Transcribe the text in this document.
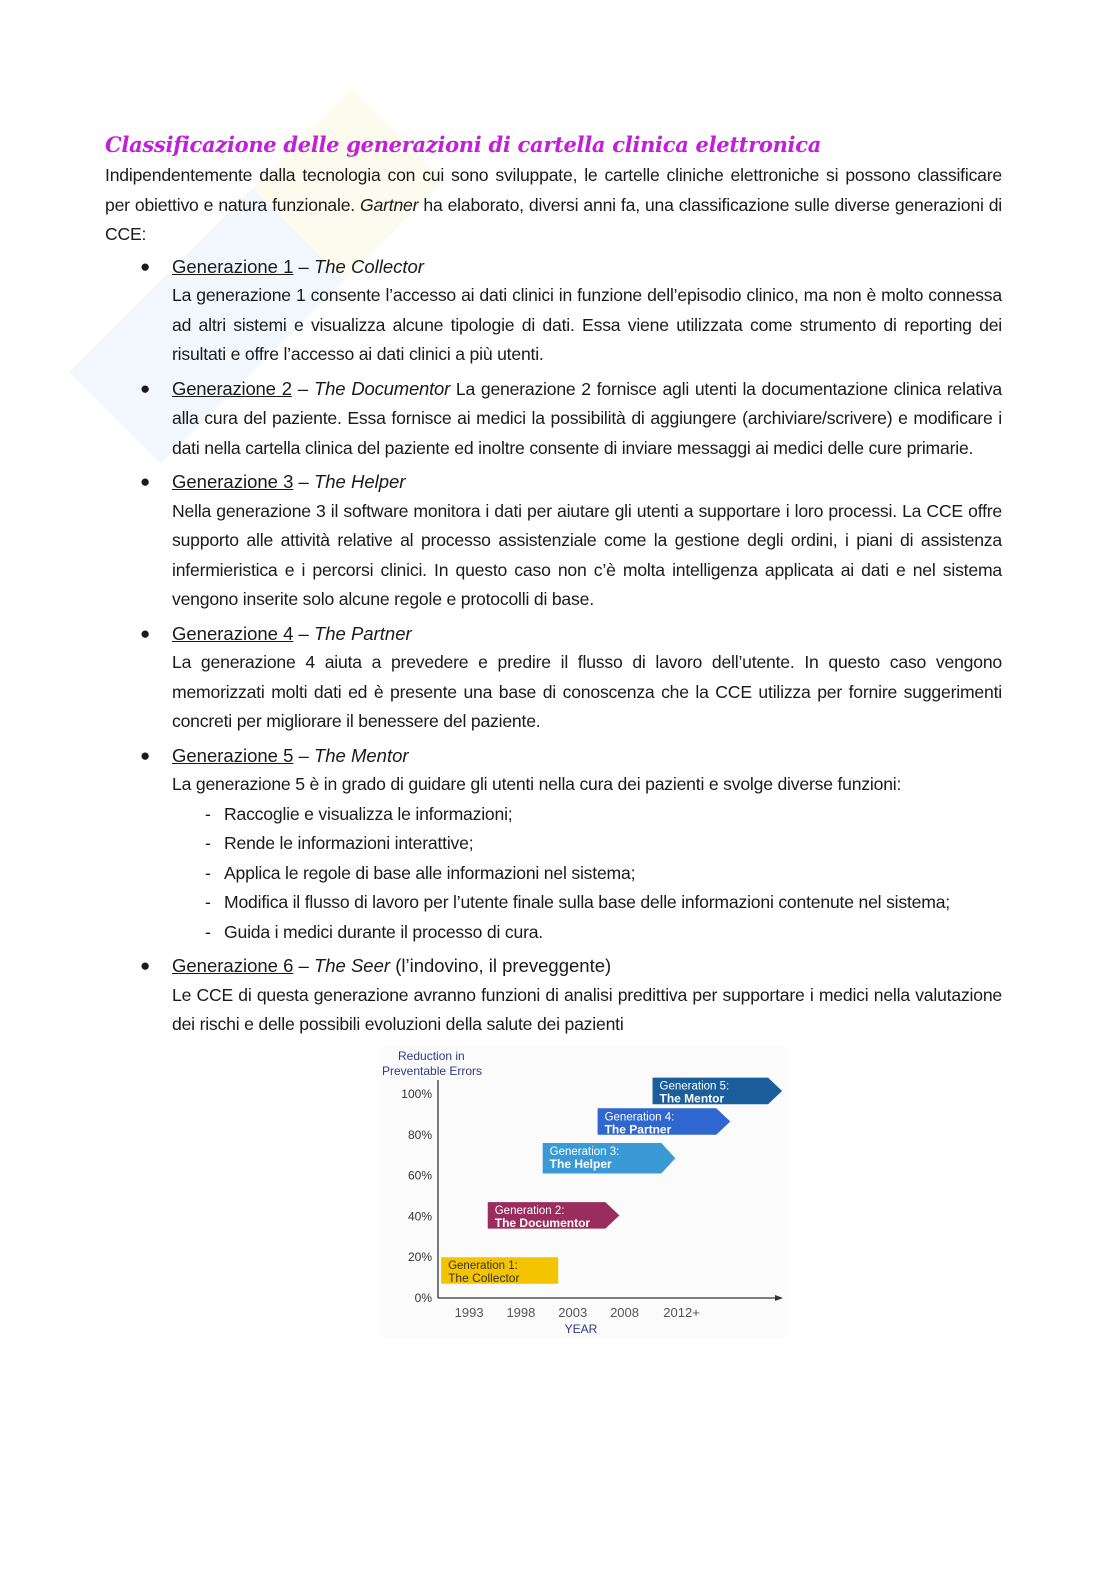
Classificazione delle generazioni di cartella clinica elettronica

Indipendentemente dalla tecnologia con cui sono sviluppate, le cartelle cliniche elettroniche si possono classificare per obiettivo e natura funzionale. Gartner ha elaborato, diversi anni fa, una classificazione sulle diverse generazioni di CCE:

● Generazione 1 – The Collector

La generazione 1 consente l’accesso ai dati clinici in funzione dell’episodio clinico, ma non è molto connessa ad altri sistemi e visualizza alcune tipologie di dati. Essa viene utilizzata come strumento di reporting dei risultati e offre l’accesso ai dati clinici a più utenti.

● Generazione 2 – The Documentor La generazione 2 fornisce agli utenti la documentazione clinica relativa alla cura del paziente. Essa fornisce ai medici la possibilità di aggiungere (archiviare/scrivere) e modificare i dati nella cartella clinica del paziente ed inoltre consente di inviare messaggi ai medici delle cure primarie.

● Generazione 3 – The Helper

Nella generazione 3 il software monitora i dati per aiutare gli utenti a supportare i loro processi. La CCE offre supporto alle attività relative al processo assistenziale come la gestione degli ordini, i piani di assistenza infermieristica e i percorsi clinici. In questo caso non c’è molta intelligenza applicata ai dati e nel sistema vengono inserite solo alcune regole e protocolli di base.

● Generazione 4 – The Partner

La generazione 4 aiuta a prevedere e predire il flusso di lavoro dell’utente. In questo caso vengono memorizzati molti dati ed è presente una base di conoscenza che la CCE utilizza per fornire suggerimenti concreti per migliorare il benessere del paziente.

● Generazione 5 – The Mentor

La generazione 5 è in grado di guidare gli utenti nella cura dei pazienti e svolge diverse funzioni:

- Raccoglie e visualizza le informazioni;
- Rende le informazioni interattive;
- Applica le regole di base alle informazioni nel sistema;
- Modifica il flusso di lavoro per l’utente finale sulla base delle informazioni contenute nel sistema;
- Guida i medici durante il processo di cura.
● Generazione 6 – The Seer (l’indovino, il preveggente)

Le CCE di questa generazione avranno funzioni di analisi predittiva per supportare i medici nella valutazione dei rischi e delle possibili evoluzioni della salute dei pazienti

Reduction in
Preventable Errors
0%
20%
40%
60%
80%
100%
1993 1998 2003 2008 2012+
YEAR
Generation 1:
The Collector
Generation 2:
The Documentor
Generation 3:
The Helper
Generation 4:
The Partner
Generation 5:
The Mentor
